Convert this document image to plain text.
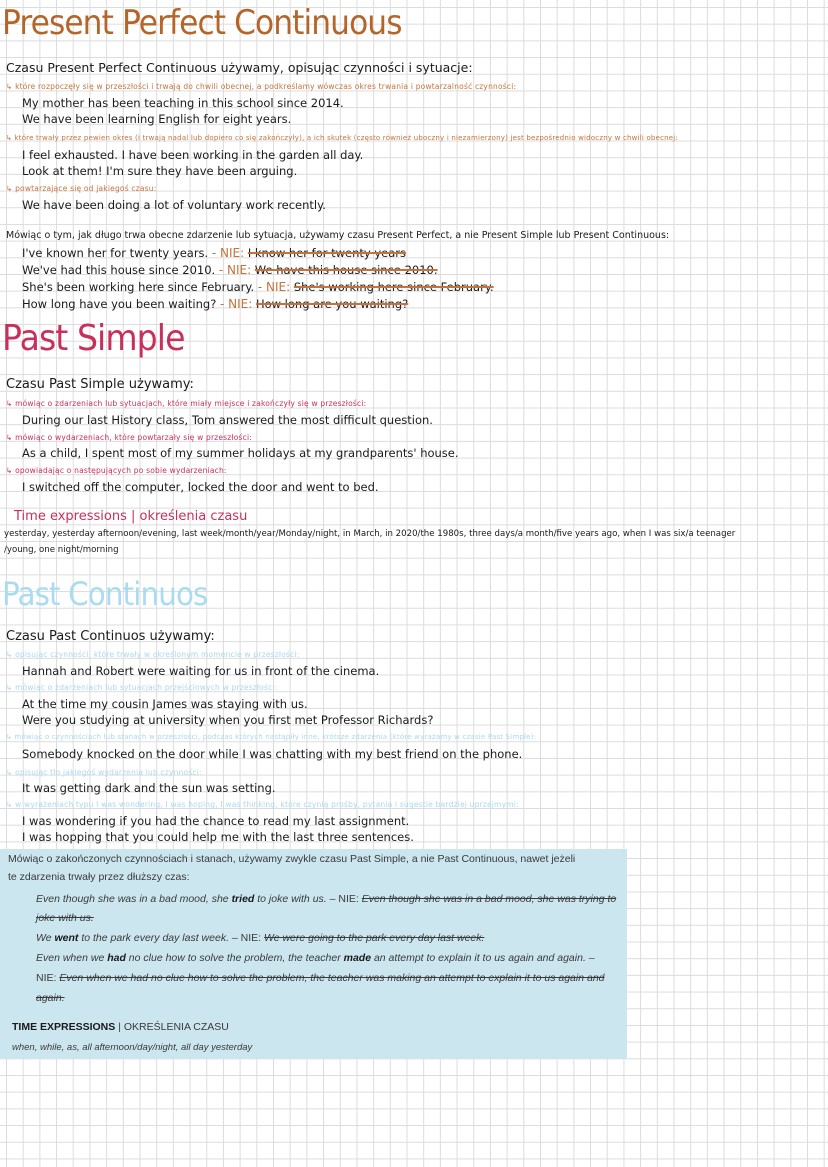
Present Perfect Continuous
Czasu Present Perfect Continuous używamy, opisując czynności i sytuacje:
↳ które rozpoczęły się w przeszłości i trwają do chwili obecnej, a podkreślamy wówczas okres trwania i powtarzalność czynności:
My mother has been teaching in this school since 2014.
We have been learning English for eight years.
↳ które trwały przez pewien okres (i trwają nadal lub dopiero co się zakończyły), a ich skutek (często również uboczny i niezamierzony) jest bezpośrednio widoczny w chwili obecnej:
I feel exhausted. I have been working in the garden all day.
Look at them! I'm sure they have been arguing.
↳ powtarzające się od jakiegoś czasu:
We have been doing a lot of voluntary work recently.
Mówiąc o tym, jak długo trwa obecne zdarzenie lub sytuacja, używamy czasu Present Perfect, a nie Present Simple lub Present Continuous:
I've known her for twenty years. - NIE: I know her for twenty years
We've had this house since 2010. - NIE: We have this house since 2010.
She's been working here since February. - NIE: She's working here since February.
How long have you been waiting? - NIE: How long are you waiting?
Past Simple
Czasu Past Simple używamy:
↳ mówiąc o zdarzeniach lub sytuacjach, które miały miejsce i zakończyły się w przeszłości:
During our last History class, Tom answered the most difficult question.
↳ mówiąc o wydarzeniach, które powtarzały się w przeszłości:
As a child, I spent most of my summer holidays at my grandparents' house.
↳ opowiadając o następujących po sobie wydarzeniach:
I switched off the computer, locked the door and went to bed.
Time expressions | określenia czasu
yesterday, yesterday afternoon/evening, last week/month/year/Monday/night, in March, in 2020/the 1980s, three days/a month/five years ago, when I was six/a teenager
/young, one night/morning
Past Continuos
Czasu Past Continuos używamy:
↳ opisując czynności, które trwały w określonym momencie w przeszłości:
Hannah and Robert were waiting for us in front of the cinema.
↳ mówiąc o zdarzeniach lub sytuacjach przejściowych w przeszłości:
At the time my cousin James was staying with us.
Were you studying at university when you first met Professor Richards?
↳ mówiąc o czynnościach lub stanach w przeszłości, podczas których nastąpiły inne, krótsze zdarzenia (które wyrażamy w czasie Past Simple):
Somebody knocked on the door while I was chatting with my best friend on the phone.
↳ opisując tło jakiegoś wydarzenia lub czynności:
It was getting dark and the sun was setting.
↳ w wyrażeniach typu I was wondering, I was hoping, I was thinking, które czynią prośby, pytania i sugestie bardziej uprzejmymi:
I was wondering if you had the chance to read my last assignment.
I was hopping that you could help me with the last three sentences.

Mówiąc o zakończonych czynnościach i stanach, używamy zwykle czasu Past Simple, a nie Past Continuous, nawet jeżeli

te zdarzenia trwały przez dłuższy czas:

Even though she was in a bad mood, she tried to joke with us. – NIE: Even though she was in a bad mood, she was trying to

joke with us.

We went to the park every day last week. – NIE: We were going to the park every day last week.

Even when we had no clue how to solve the problem, the teacher made an attempt to explain it to us again and again. –

NIE: Even when we had no clue how to solve the problem, the teacher was making an attempt to explain it to us again and

again.

TIME EXPRESSIONS | OKREŚLENIA CZASU

when, while, as, all afternoon/day/night, all day yesterday
